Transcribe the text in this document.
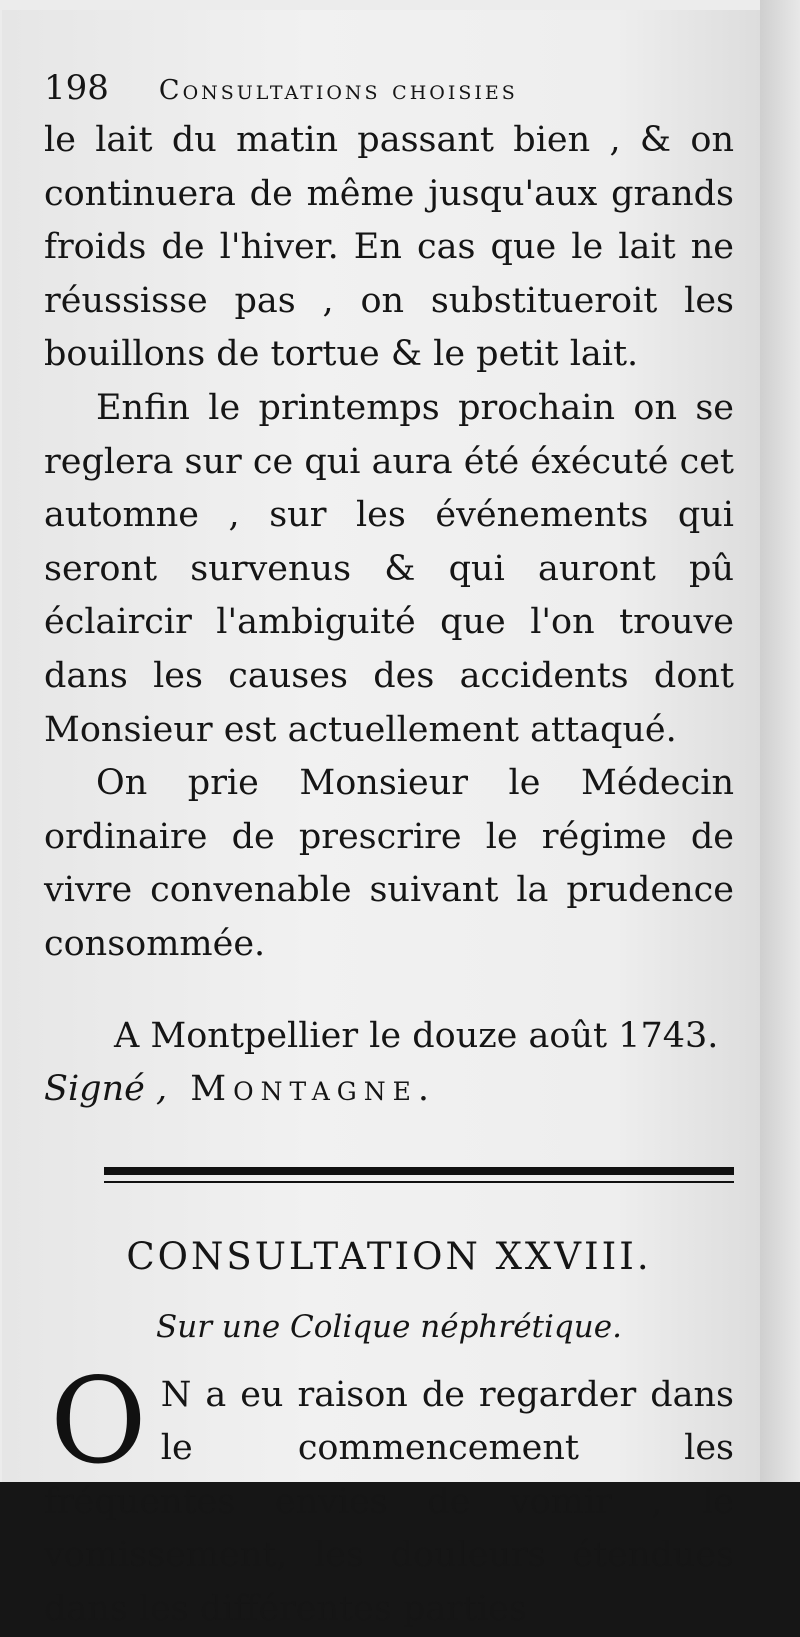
198 Consultations choisies

le lait du matin passant bien , & on continuera de même jusqu'aux grands froids de l'hiver. En cas que le lait ne réussisse pas , on substitueroit les bouillons de tortue & le petit lait.

Enfin le printemps prochain on se reglera sur ce qui aura été éxécuté cet automne , sur les événements qui seront survenus & qui auront pû éclaircir l'ambiguité que l'on trouve dans les causes des accidents dont Monsieur est actuellement attaqué.

On prie Monsieur le Médecin ordinaire de prescrire le régime de vivre convenable suivant la prudence consommée.

A Montpellier le douze août 1743.

Signé , Montagne.

CONSULTATION XXVIII.
Sur une Colique néphrétique.
O N a eu raison de regarder dans le commencement les fréquentes envies de vomir , le vomissement, les douleurs étendues dans les différentes parties
